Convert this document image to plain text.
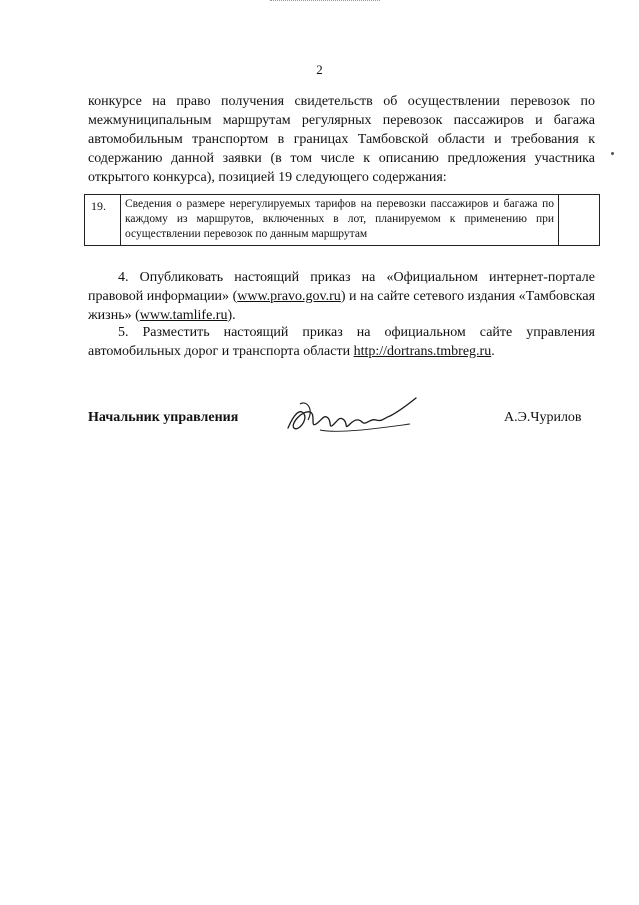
2

конкурсе на право получения свидетельств об осуществлении перевозок по межмуниципальным маршрутам регулярных перевозок пассажиров и багажа автомобильным транспортом в границах Тамбовской области и требования к содержанию данной заявки (в том числе к описанию предложения участника открытого конкурса), позицией 19 следующего содержания:

19.	Сведения о размере нерегулируемых тарифов на перевозки пассажиров и багажа по каждому из маршрутов, включенных в лот, планируемом к применению при осуществлении перевозок по данным маршрутам

4. Опубликовать настоящий приказ на «Официальном интернет-портале правовой информации» (www.pravo.gov.ru) и на сайте сетевого издания «Тамбовская жизнь» (www.tamlife.ru).

5. Разместить настоящий приказ на официальном сайте управления автомобильных дорог и транспорта области http://dortrans.tmbreg.ru.

Начальник управления	А.Э.Чурилов
